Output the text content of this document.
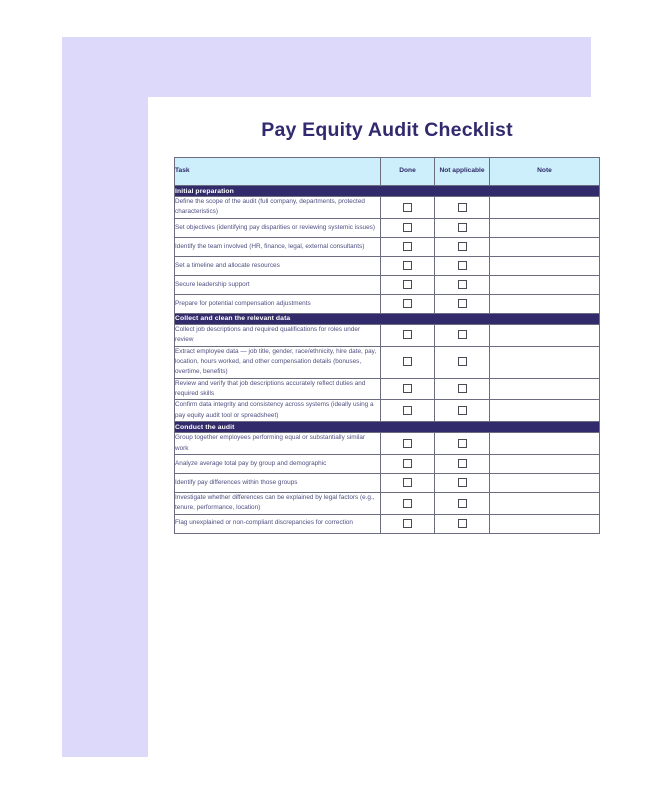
Pay Equity Audit Checklist
Task	Done	Not applicable	Note
Initial preparation			
Define the scope of the audit (full company, departments, protected characteristics)			
Set objectives (identifying pay disparities or reviewing systemic issues)			
Identify the team involved (HR, finance, legal, external consultants)			
Set a timeline and allocate resources			
Secure leadership support			
Prepare for potential compensation adjustments			
Collect and clean the relevant data			
Collect job descriptions and required qualifications for roles under review			
Extract employee data — job title, gender, race/ethnicity, hire date, pay, location, hours worked, and other compensation details (bonuses, overtime, benefits)			
Review and verify that job descriptions accurately reflect duties and required skills			
Confirm data integrity and consistency across systems (ideally using a pay equity audit tool or spreadsheet)			
Conduct the audit			
Group together employees performing equal or substantially similar work			
Analyze average total pay by group and demographic			
Identify pay differences within those groups			
Investigate whether differences can be explained by legal factors (e.g., tenure, performance, location)			
Flag unexplained or non-compliant discrepancies for correction			
